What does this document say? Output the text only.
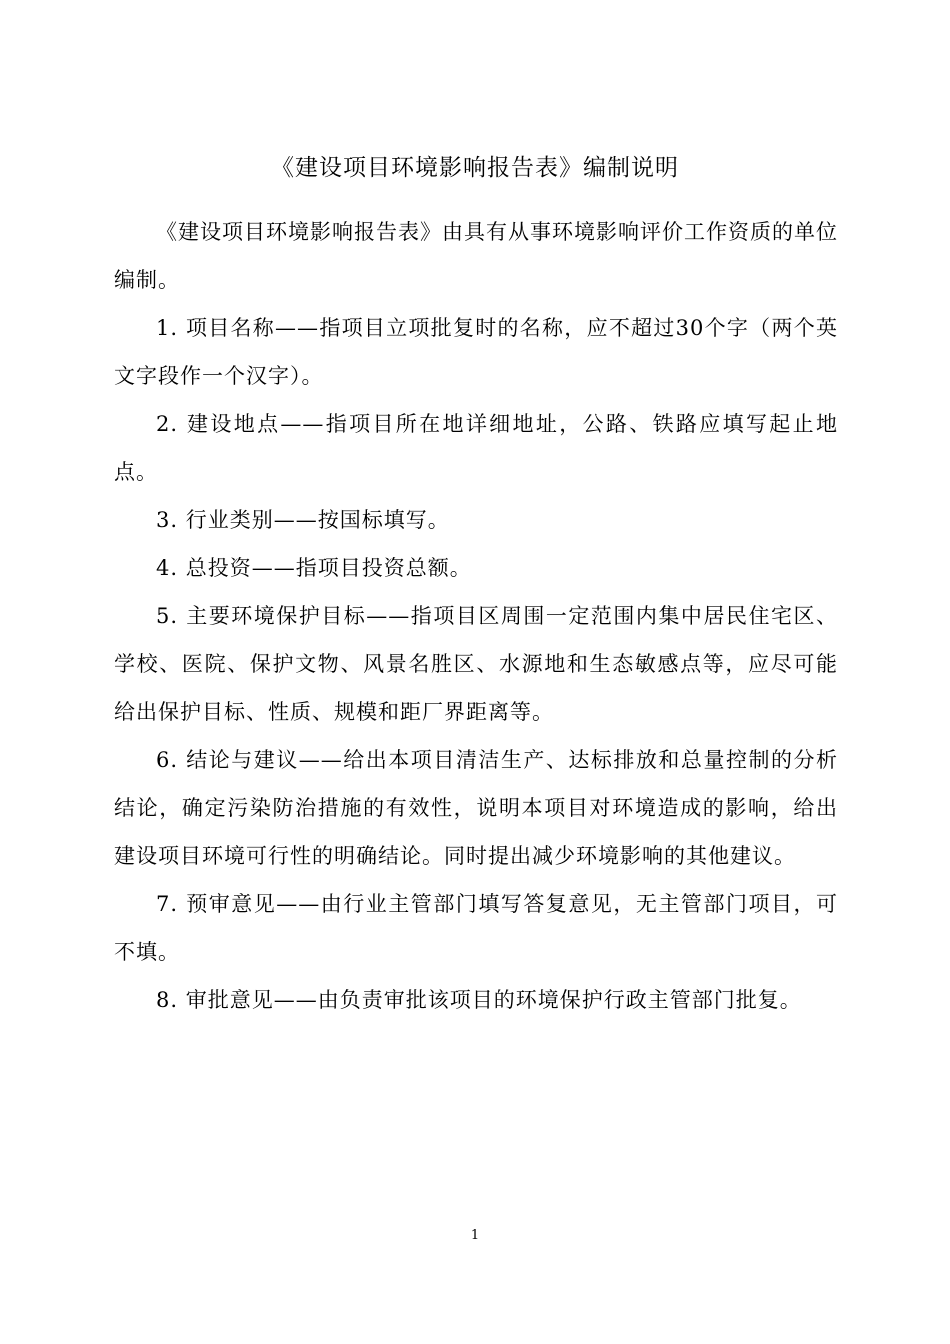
《建设项目环境影响报告表》编制说明

《建设项目环境影响报告表》由具有从事环境影响评价工作资质的单位编制。

1. 项目名称——指项目立项批复时的名称，应不超过30个字（两个英文字段作一个汉字）。

2. 建设地点——指项目所在地详细地址，公路、铁路应填写起止地点。

3. 行业类别——按国标填写。

4. 总投资——指项目投资总额。

5. 主要环境保护目标——指项目区周围一定范围内集中居民住宅区、学校、医院、保护文物、风景名胜区、水源地和生态敏感点等，应尽可能给出保护目标、性质、规模和距厂界距离等。

6. 结论与建议——给出本项目清洁生产、达标排放和总量控制的分析结论，确定污染防治措施的有效性，说明本项目对环境造成的影响，给出建设项目环境可行性的明确结论。同时提出减少环境影响的其他建议。

7. 预审意见——由行业主管部门填写答复意见，无主管部门项目，可不填。

8. 审批意见——由负责审批该项目的环境保护行政主管部门批复。

1
